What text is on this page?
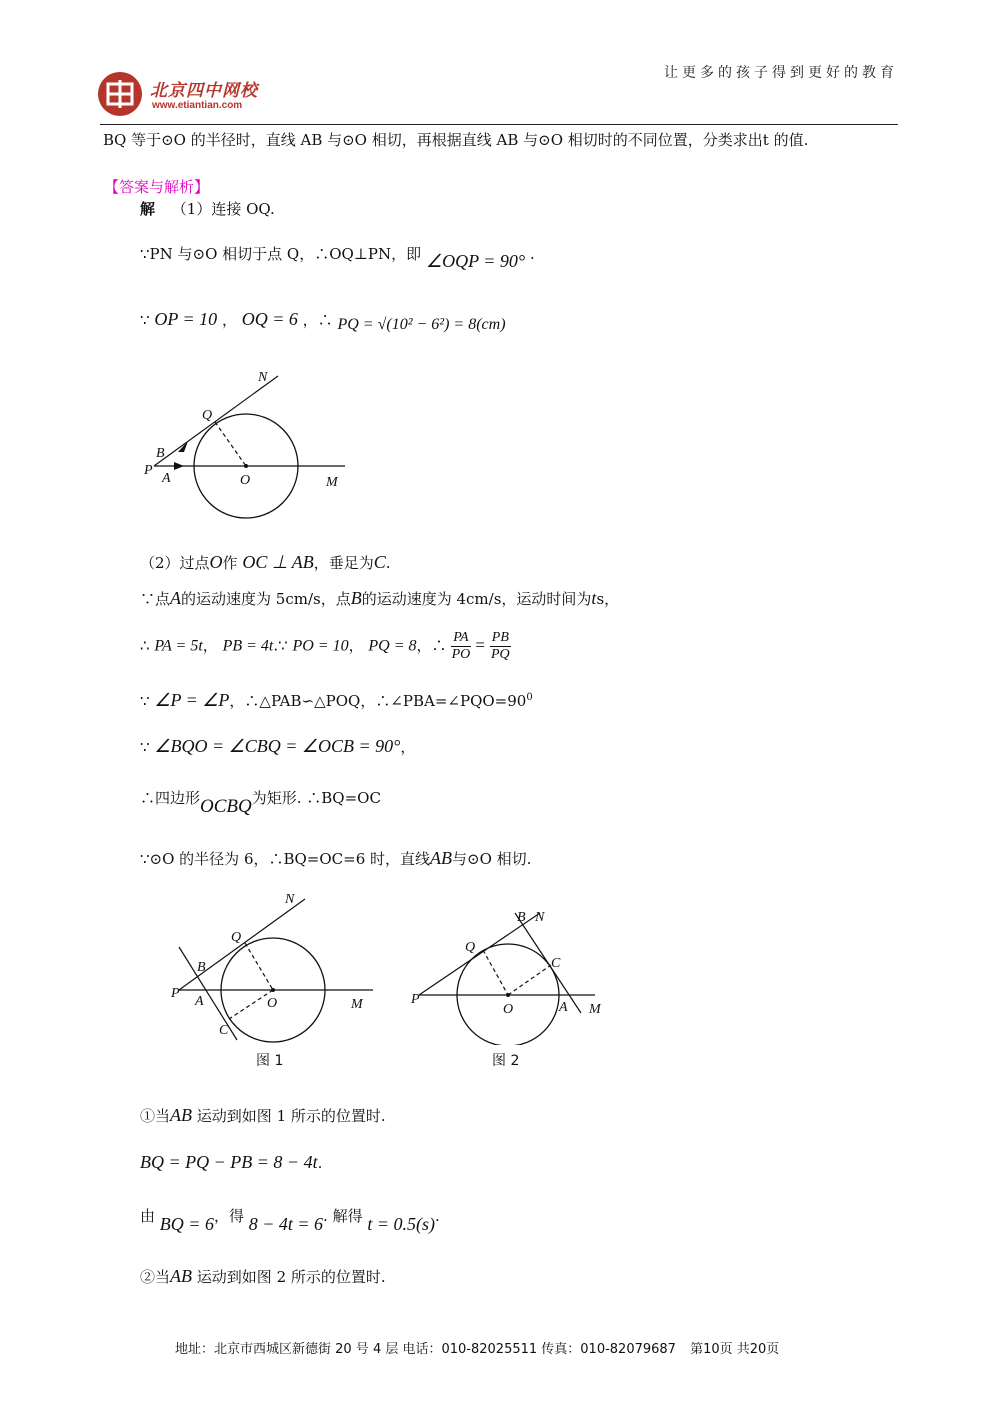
北京四中网校
www.etiantian.com
让更多的孩子得到更好的教育
BQ 等于⊙O 的半径时，直线 AB 与⊙O 相切，再根据直线 AB 与⊙O 相切时的不同位置，分类求出t 的值.
【答案与解析】
解 （1）连接 OQ.
∵PN 与⊙O 相切于点 Q，∴OQ⊥PN，即 ∠OQP = 90° .
∵ OP = 10 ， OQ = 6 ，∴ PQ = √(10² − 6²) = 8(cm)
N
Q
B
P
A	O	M
（2）过点O作 OC ⊥ AB，垂足为C.
∵点A的运动速度为 5cm/s，点B的运动速度为 4cm/s，运动时间为ts，
∴ PA = 5t， PB = 4t.∵ PO = 10， PQ = 8，∴ $\frac{PA}{PO} = \frac{PB}{PQ}$
∵ ∠P = ∠P，∴△PAB∽△POQ，$\therefore\angle PBA=\angle PQO=90^0$
∵ ∠BQO = ∠CBQ = ∠OCB = 90°，
∴四边形OCBQ为矩形. ∴BQ=OC
∵⊙O 的半径为 6，∴BQ=OC=6 时，直线AB与⊙O 相切.
N
Q
B
P
A	O	M
C
图 1
B N
Q
C
P
O	A M
图 2
①当AB 运动到如图 1 所示的位置时.
BQ = PQ − PB = 8 − 4t.
由 BQ = 6，得 8 − 4t = 6. 解得 t = 0.5(s).
②当AB 运动到如图 2 所示的位置时.
地址：北京市西城区新德街 20 号 4 层 电话：010-82025511 传真：010-82079687 第10页 共20页
